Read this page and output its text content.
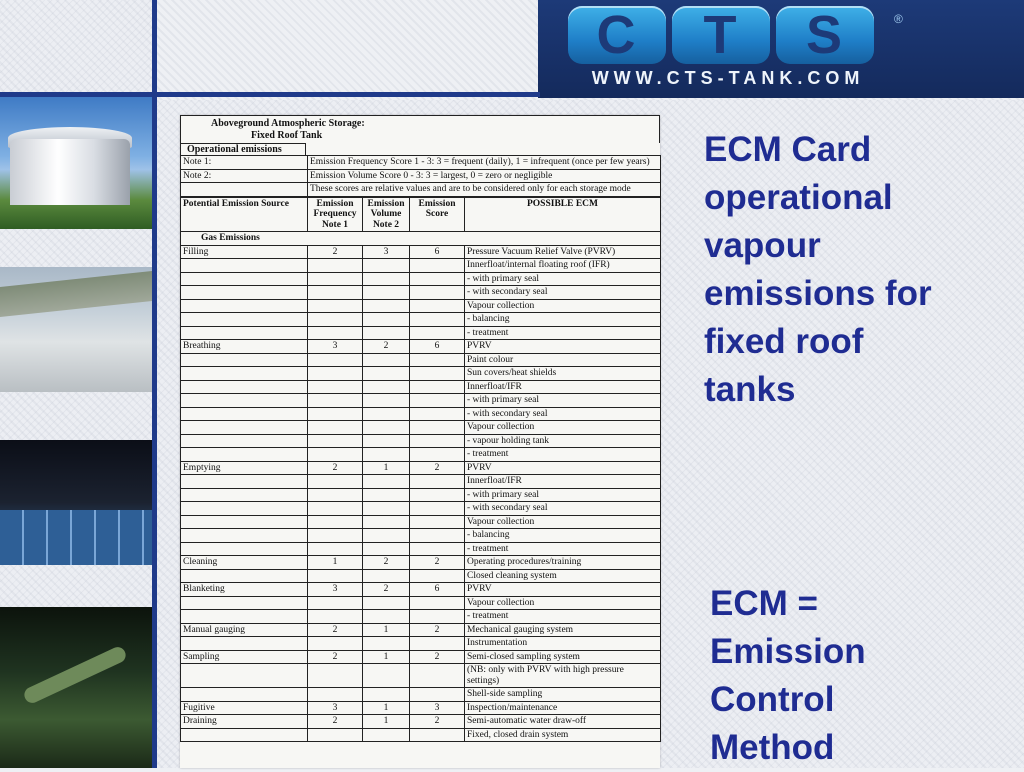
C	T	S	®
WWW.CTS-TANK.COM
Aboveground Atmospheric Storage:
Fixed Roof Tank
Operational emissions
Note 1:	Emission Frequency Score 1 - 3: 3 = frequent (daily), 1 = infrequent (once per few years)
Note 2:	Emission Volume Score 0 - 3: 3 = largest, 0 = zero or negligible
	These scores are relative values and are to be considered only for each storage mode
Potential Emission Source	Emission Frequency Note 1	Emission Volume Note 2	Emission Score	POSSIBLE ECM
Gas Emissions				
Filling	2	3	6	Pressure Vacuum Relief Valve (PVRV)
				Innerfloat/internal floating roof (IFR)
				- with primary seal
				- with secondary seal
				Vapour collection
				- balancing
				- treatment
Breathing	3	2	6	PVRV
				Paint colour
				Sun covers/heat shields
				Innerfloat/IFR
				- with primary seal
				- with secondary seal
				Vapour collection
				- vapour holding tank
				- treatment
Emptying	2	1	2	PVRV
				Innerfloat/IFR
				- with primary seal
				- with secondary seal
				Vapour collection
				- balancing
				- treatment
Cleaning	1	2	2	Operating procedures/training
				Closed cleaning system
Blanketing	3	2	6	PVRV
				Vapour collection
				- treatment
Manual gauging	2	1	2	Mechanical gauging system
				Instrumentation
Sampling	2	1	2	Semi-closed sampling system
				(NB: only with PVRV with high pressure settings)
				Shell-side sampling
Fugitive	3	1	3	Inspection/maintenance
Draining	2	1	2	Semi-automatic water draw-off
				Fixed, closed drain system
ECM Card
operational
vapour
emissions for
fixed roof
tanks
ECM =
Emission
Control
Method
